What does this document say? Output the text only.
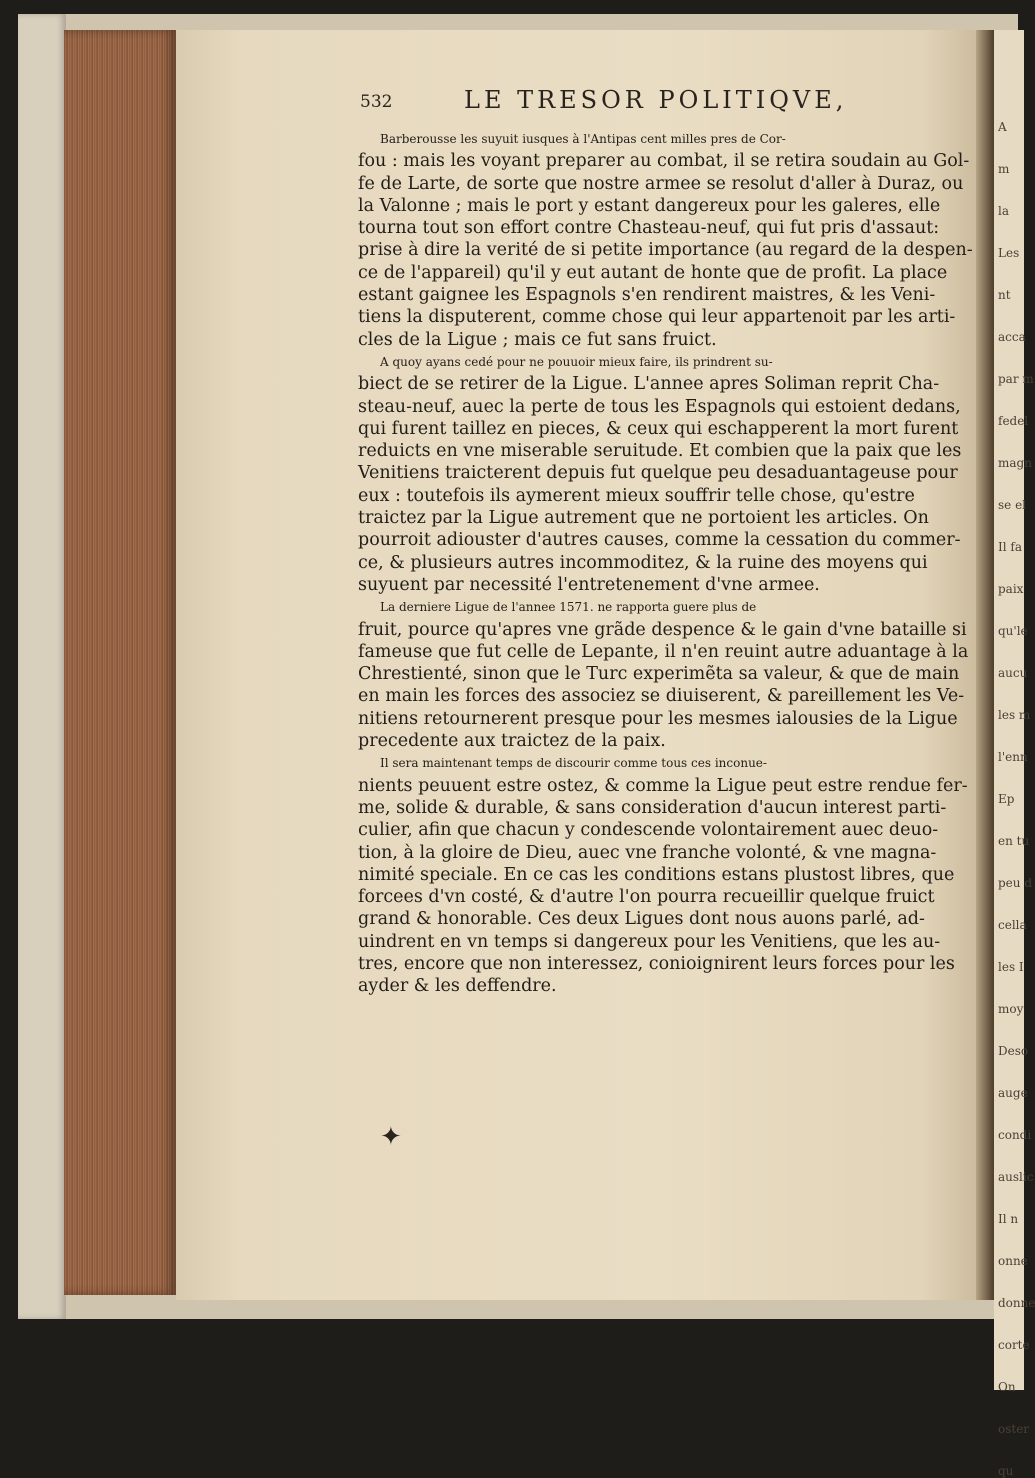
532	LE TRESOR POLITIQVE,
Barberousse les suyuit iusques à l'Antipas cent milles pres de Cor-
fou : mais les voyant preparer au combat, il se retira soudain au Gol-
fe de Larte, de sorte que nostre armee se resolut d'aller à Duraz, ou
la Valonne ; mais le port y estant dangereux pour les galeres, elle
tourna tout son effort contre Chasteau-neuf, qui fut pris d'assaut:
prise à dire la verité de si petite importance (au regard de la despen-
ce de l'appareil) qu'il y eut autant de honte que de profit. La place
estant gaignee les Espagnols s'en rendirent maistres, & les Veni-
tiens la disputerent, comme chose qui leur appartenoit par les arti-
cles de la Ligue ; mais ce fut sans fruict.
A quoy ayans cedé pour ne pouuoir mieux faire, ils prindrent su-
biect de se retirer de la Ligue. L'annee apres Soliman reprit Cha-
steau-neuf, auec la perte de tous les Espagnols qui estoient dedans,
qui furent taillez en pieces, & ceux qui eschapperent la mort furent
reduicts en vne miserable seruitude. Et combien que la paix que les
Venitiens traicterent depuis fut quelque peu desaduantageuse pour
eux : toutefois ils aymerent mieux souffrir telle chose, qu'estre
traictez par la Ligue autrement que ne portoient les articles. On
pourroit adiouster d'autres causes, comme la cessation du commer-
ce, & plusieurs autres incommoditez, & la ruine des moyens qui
suyuent par necessité l'entretenement d'vne armee.
La derniere Ligue de l'annee 1571. ne rapporta guere plus de
fruit, pource qu'apres vne grãde despence & le gain d'vne bataille si
fameuse que fut celle de Lepante, il n'en reuint autre aduantage à la
Chrestienté, sinon que le Turc experimẽta sa valeur, & que de main
en main les forces des associez se diuiserent, & pareillement les Ve-
nitiens retournerent presque pour les mesmes ialousies de la Ligue
precedente aux traictez de la paix.
Il sera maintenant temps de discourir comme tous ces inconue-
nients peuuent estre ostez, & comme la Ligue peut estre rendue fer-
me, solide & durable, & sans consideration d'aucun interest parti-
culier, afin que chacun y condescende volontairement auec deuo-
tion, à la gloire de Dieu, auec vne franche volonté, & vne magna-
nimité speciale. En ce cas les conditions estans plustost libres, que
forcees d'vn costé, & d'autre l'on pourra recueillir quelque fruict
grand & honorable. Ces deux Ligues dont nous auons parlé, ad-
uindrent en vn temps si dangereux pour les Venitiens, que les au-
tres, encore que non interessez, conioignirent leurs forces pour les
ayder & les deffendre.
✦
A
m
la
Les
nt
acca
par m
fedel
magn
se el
Il fa
paix
qu'le
aucu
les m
l'enn
Ep
en tu
peu d
cella
les I
moy
Deso
auge
condi
auslic
Il n
onne
donne
corte
On
oster
qu
